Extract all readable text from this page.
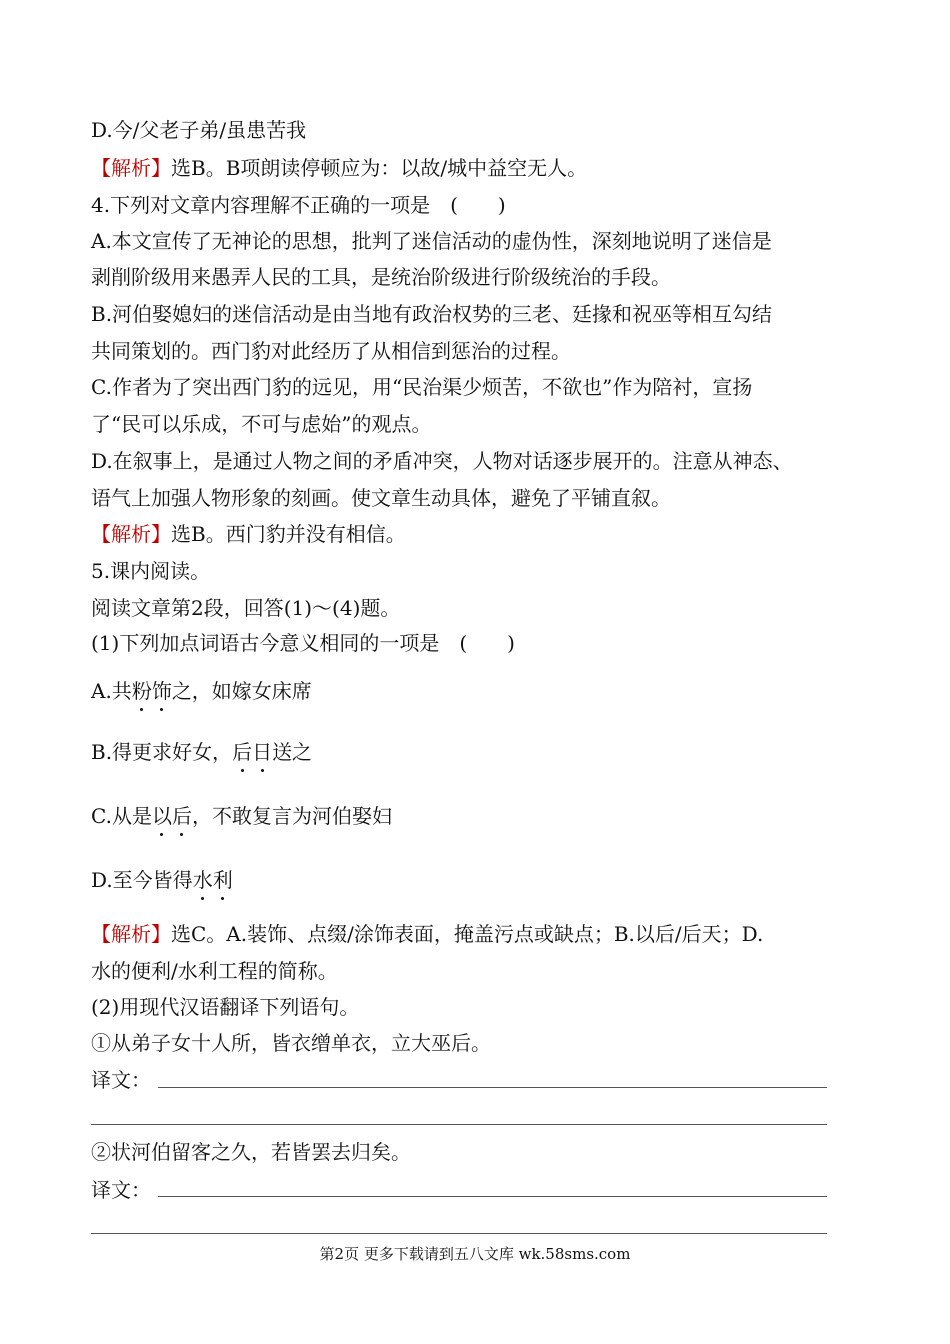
D.今/父老子弟/虽患苦我
【解析】选B。B项朗读停顿应为：以故/城中益空无人。
4.下列对文章内容理解不正确的一项是　(　　)
A.本文宣传了无神论的思想，批判了迷信活动的虚伪性，深刻地说明了迷信是
剥削阶级用来愚弄人民的工具，是统治阶级进行阶级统治的手段。
B.河伯娶媳妇的迷信活动是由当地有政治权势的三老、廷掾和祝巫等相互勾结
共同策划的。西门豹对此经历了从相信到惩治的过程。
C.作者为了突出西门豹的远见，用“民治渠少烦苦，不欲也”作为陪衬，宣扬
了“民可以乐成，不可与虑始”的观点。
D.在叙事上，是通过人物之间的矛盾冲突，人物对话逐步展开的。注意从神态、
语气上加强人物形象的刻画。使文章生动具体，避免了平铺直叙。
【解析】选B。西门豹并没有相信。
5.课内阅读。
阅读文章第2段，回答(1)～(4)题。
(1)下列加点词语古今意义相同的一项是　(　　)
A.共粉饰之，如嫁女床席
B.得更求好女，后日送之
C.从是以后，不敢复言为河伯娶妇
D.至今皆得水利
【解析】选C。A.装饰、点缀/涂饰表面，掩盖污点或缺点；B.以后/后天；D.
水的便利/水利工程的简称。
(2)用现代汉语翻译下列语句。
①从弟子女十人所，皆衣缯单衣，立大巫后。
译文：
②状河伯留客之久，若皆罢去归矣。
译文：
第2页 更多下载请到五八文库 wk.58sms.com
